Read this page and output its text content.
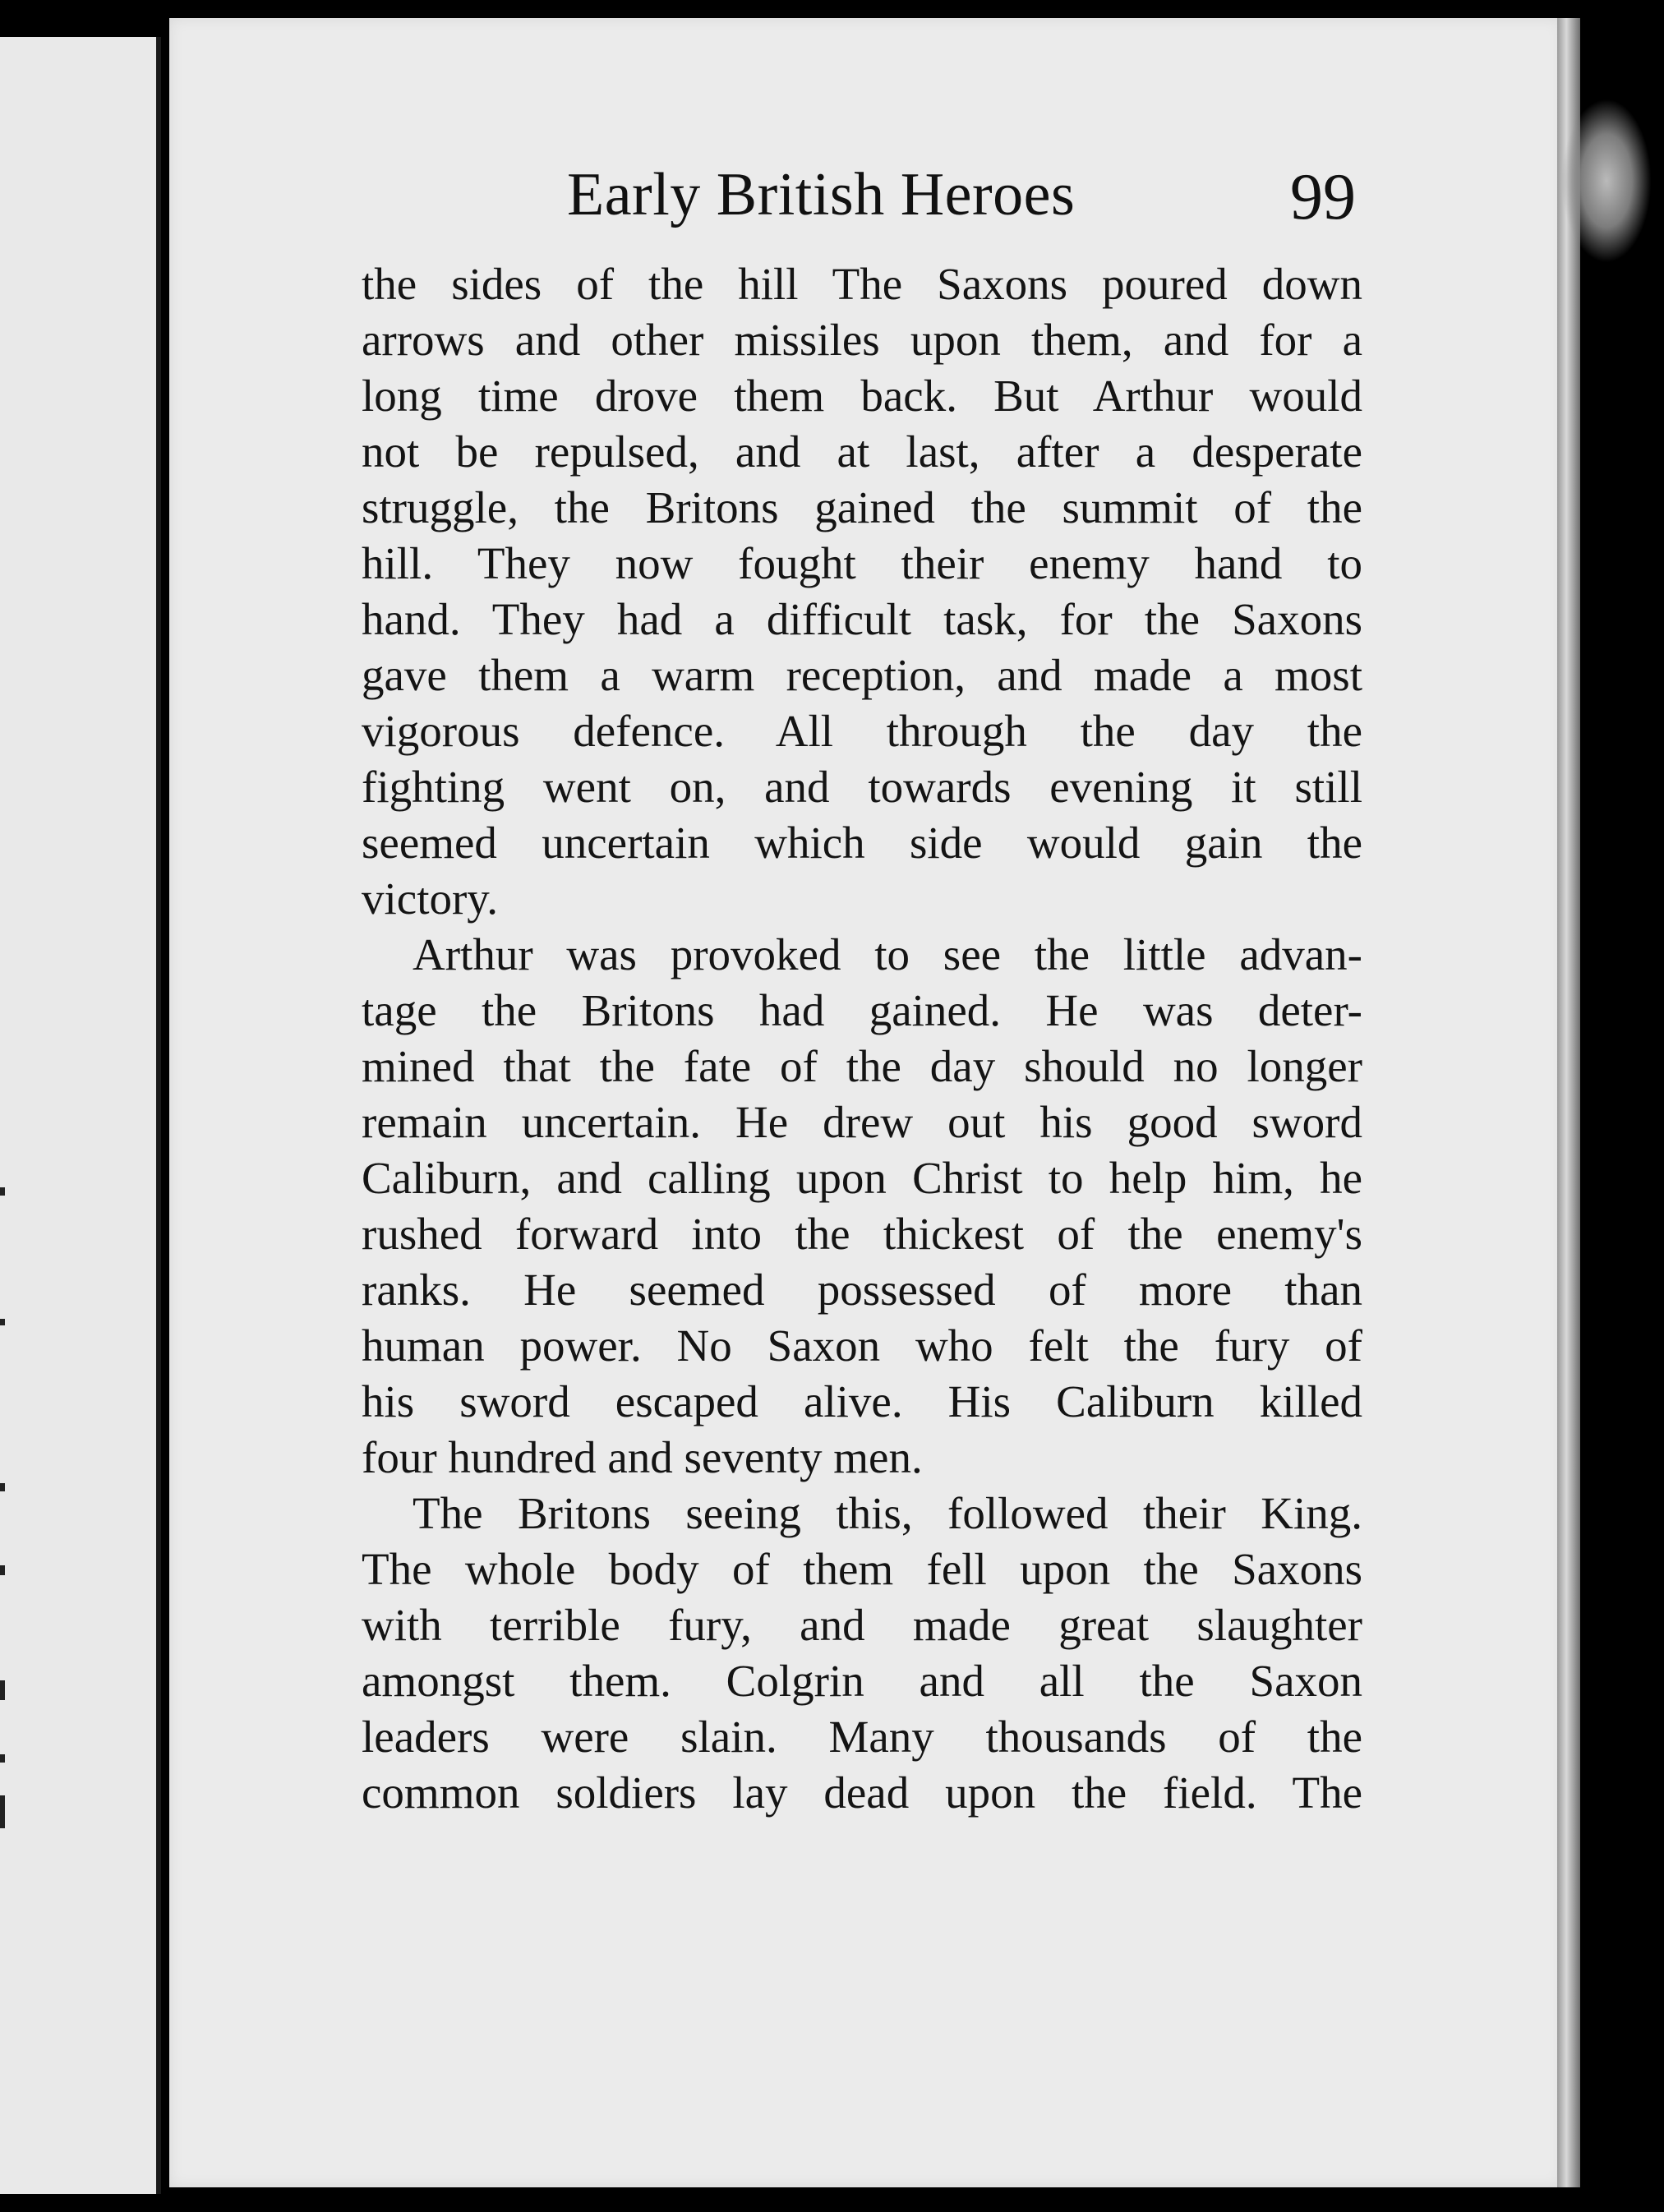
Early British Heroes	99
the sides of the hill The Saxons poured down
arrows and other missiles upon them, and for a
long time drove them back. But Arthur would
not be repulsed, and at last, after a desperate
struggle, the Britons gained the summit of the
hill. They now fought their enemy hand to
hand. They had a difficult task, for the Saxons
gave them a warm reception, and made a most
vigorous defence. All through the day the
fighting went on, and towards evening it still
seemed uncertain which side would gain the
victory.
Arthur was provoked to see the little advan-
tage the Britons had gained. He was deter-
mined that the fate of the day should no longer
remain uncertain. He drew out his good sword
Caliburn, and calling upon Christ to help him, he
rushed forward into the thickest of the enemy's
ranks. He seemed possessed of more than
human power. No Saxon who felt the fury of
his sword escaped alive. His Caliburn killed
four hundred and seventy men.
The Britons seeing this, followed their King.
The whole body of them fell upon the Saxons
with terrible fury, and made great slaughter
amongst them. Colgrin and all the Saxon
leaders were slain. Many thousands of the
common soldiers lay dead upon the field. The
